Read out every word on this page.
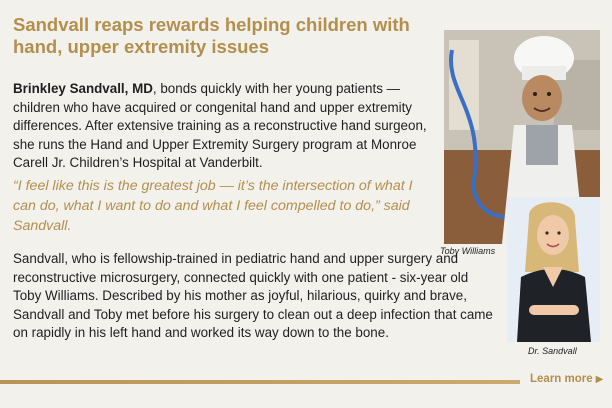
Sandvall reaps rewards helping children with hand, upper extremity issues

Brinkley Sandvall, MD, bonds quickly with her young patients — children who have acquired or congenital hand and upper extremity differences. After extensive training as a reconstructive hand surgeon, she runs the Hand and Upper Extremity Surgery program at Monroe Carell Jr. Children’s Hospital at Vanderbilt.

“I feel like this is the greatest job — it’s the intersection of what I can do, what I want to do and what I feel compelled to do,” said Sandvall.

Sandvall, who is fellowship-trained in pediatric hand and upper surgery and reconstructive microsurgery, connected quickly with one patient - six-year old Toby Williams. Described by his mother as joyful, hilarious, quirky and brave, Sandvall and Toby met before his surgery to clean out a deep infection that came on rapidly in his left hand and worked its way down to the bone.

Toby Williams
Dr. Sandvall
Learn more ▶
